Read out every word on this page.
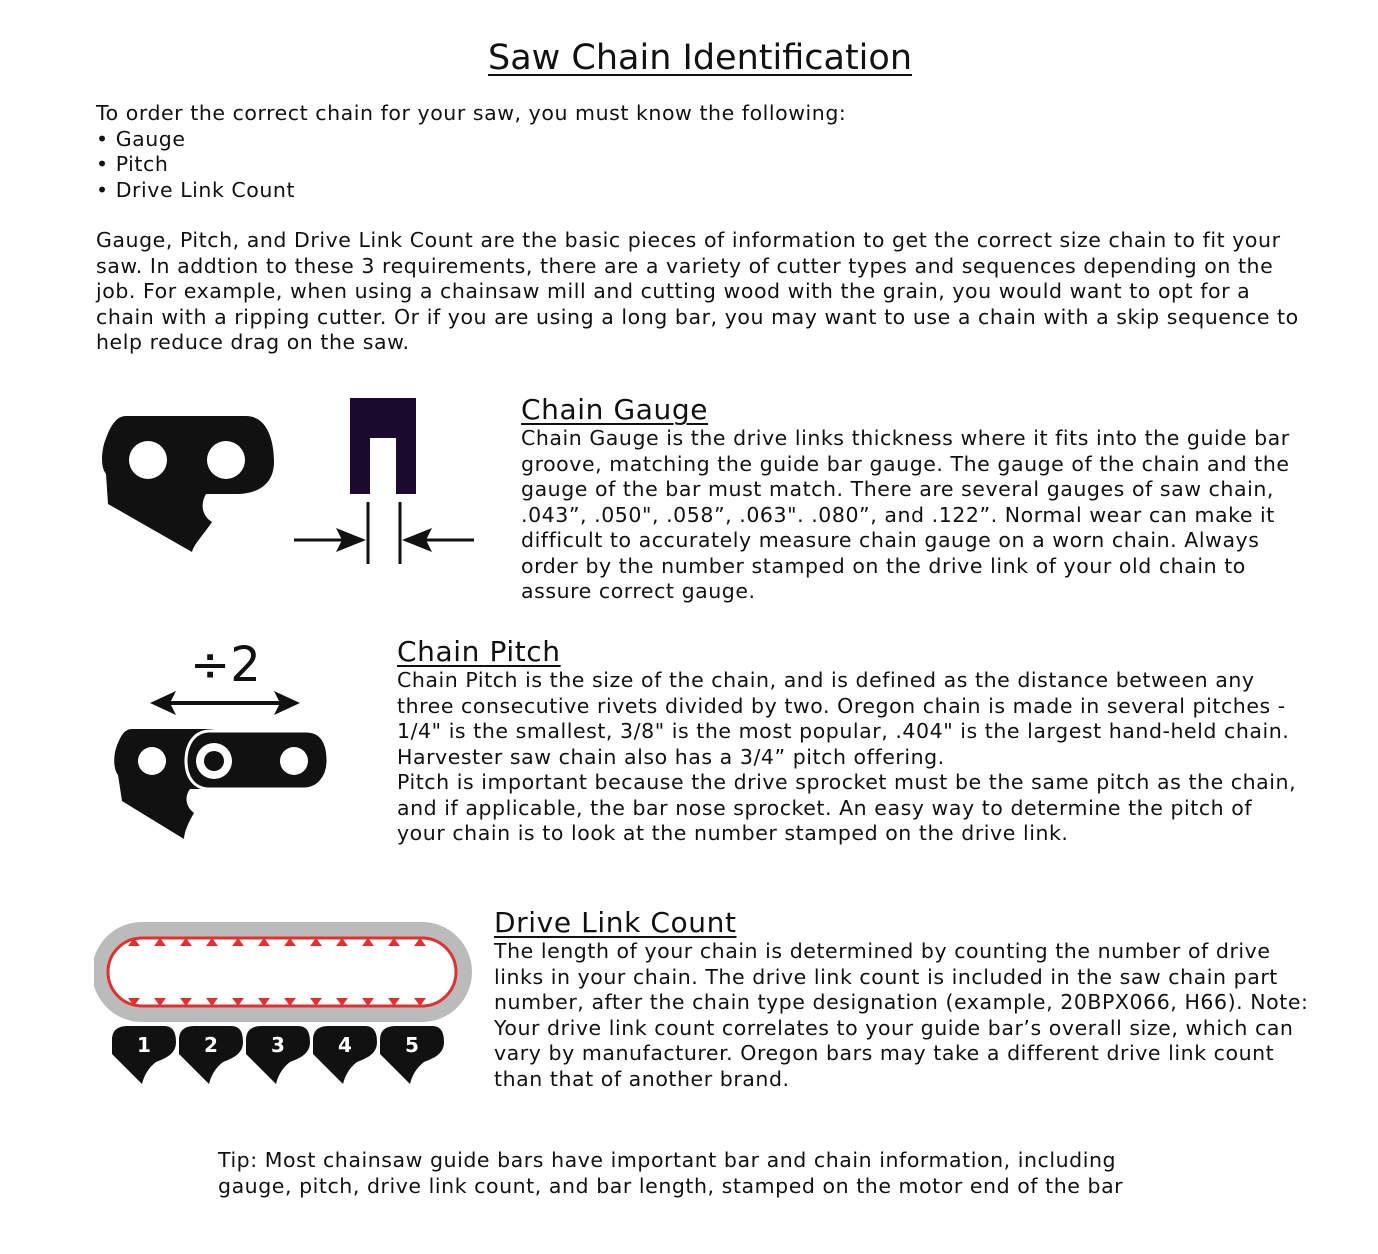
Saw Chain Identification
To order the correct chain for your saw, you must know the following:
• Gauge
• Pitch
• Drive Link Count

Gauge, Pitch, and Drive Link Count are the basic pieces of information to get the correct size chain to fit your saw. In addtion to these 3 requirements, there are a variety of cutter types and sequences depending on the job. For example, when using a chainsaw mill and cutting wood with the grain, you would want to opt for a chain with a ripping cutter. Or if you are using a long bar, you may want to use a chain with a skip sequence to help reduce drag on the saw.

Chain Gauge

Chain Gauge is the drive links thickness where it fits into the guide bar groove, matching the guide bar gauge. The gauge of the chain and the gauge of the bar must match. There are several gauges of saw chain, .043”, .050", .058”, .063". .080”, and .122”. Normal wear can make it difficult to accurately measure chain gauge on a worn chain. Always order by the number stamped on the drive link of your old chain to assure correct gauge.

÷2	Chain Pitch

Chain Pitch is the size of the chain, and is defined as the distance between any three consecutive rivets divided by two. Oregon chain is made in several pitches - 1/4" is the smallest, 3/8" is the most popular, .404" is the largest hand-held chain. Harvester saw chain also has a 3/4” pitch offering.

Pitch is important because the drive sprocket must be the same pitch as the chain, and if applicable, the bar nose sprocket. An easy way to determine the pitch of your chain is to look at the number stamped on the drive link.

1	2	3	4	5
Drive Link Count

The length of your chain is determined by counting the number of drive links in your chain. The drive link count is included in the saw chain part number, after the chain type designation (example, 20BPX066, H66). Note: Your drive link count correlates to your guide bar’s overall size, which can vary by manufacturer. Oregon bars may take a different drive link count than that of another brand.

Tip: Most chainsaw guide bars have important bar and chain information, including gauge, pitch, drive link count, and bar length, stamped on the motor end of the bar
